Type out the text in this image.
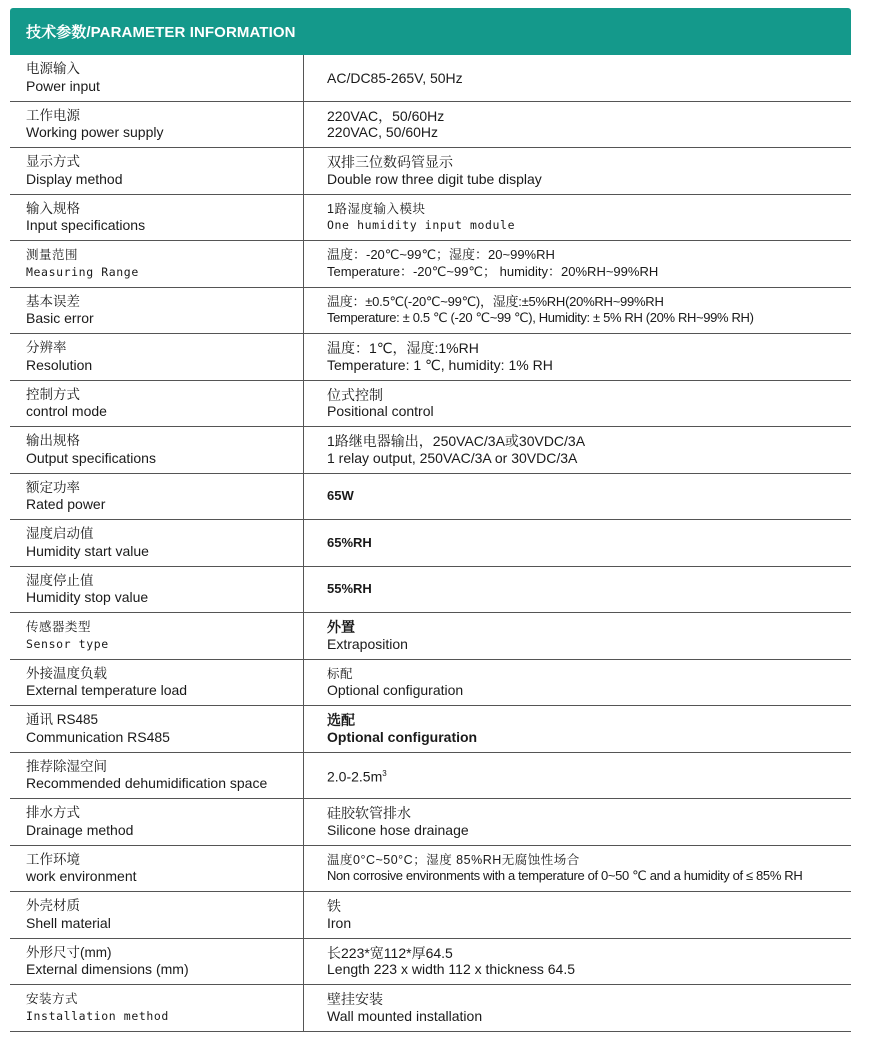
技术参数/PARAMETER INFORMATION
电源输入
Power input
AC/DC85-265V, 50Hz
工作电源
Working power supply
220VAC，50/60Hz
220VAC, 50/60Hz
显示方式
Display method
双排三位数码管显示
Double row three digit tube display
输入规格
Input specifications
1路湿度输入模块
One humidity input module
测量范围
Measuring Range
温度：-20℃~99℃；湿度：20~99%RH
Temperature：-20℃~99℃； humidity：20%RH~99%RH
基本误差
Basic error
温度：±0.5℃(-20℃~99℃)，湿度:±5%RH(20%RH~99%RH
Temperature: ± 0.5 ℃ (-20 ℃~99 ℃), Humidity: ± 5% RH (20% RH~99% RH)
分辨率
Resolution
温度：1℃，湿度:1%RH
Temperature: 1 ℃, humidity: 1% RH
控制方式
control mode
位式控制
Positional control
输出规格
Output specifications
1路继电器输出，250VAC/3A或30VDC/3A
1 relay output, 250VAC/3A or 30VDC/3A
额定功率
Rated power
65W
湿度启动值
Humidity start value
65%RH
湿度停止值
Humidity stop value
55%RH
传感器类型
Sensor type
外置
Extraposition
外接温度负载
External temperature load
标配
Optional configuration
通讯 RS485
Communication RS485
选配
Optional configuration
推荐除湿空间
Recommended dehumidification space	$2.0-2.5m^3$
排水方式
Drainage method
硅胶软管排水
Silicone hose drainage
工作环境
work environment
温度0°C~50°C；湿度 85%RH无腐蚀性场合
Non corrosive environments with a temperature of 0~50 ℃ and a humidity of ≤ 85% RH
外壳材质
Shell material
铁
Iron
外形尺寸(mm)
External dimensions (mm)
长223*宽112*厚64.5
Length 223 x width 112 x thickness 64.5
安装方式
Installation method
壁挂安装
Wall mounted installation
